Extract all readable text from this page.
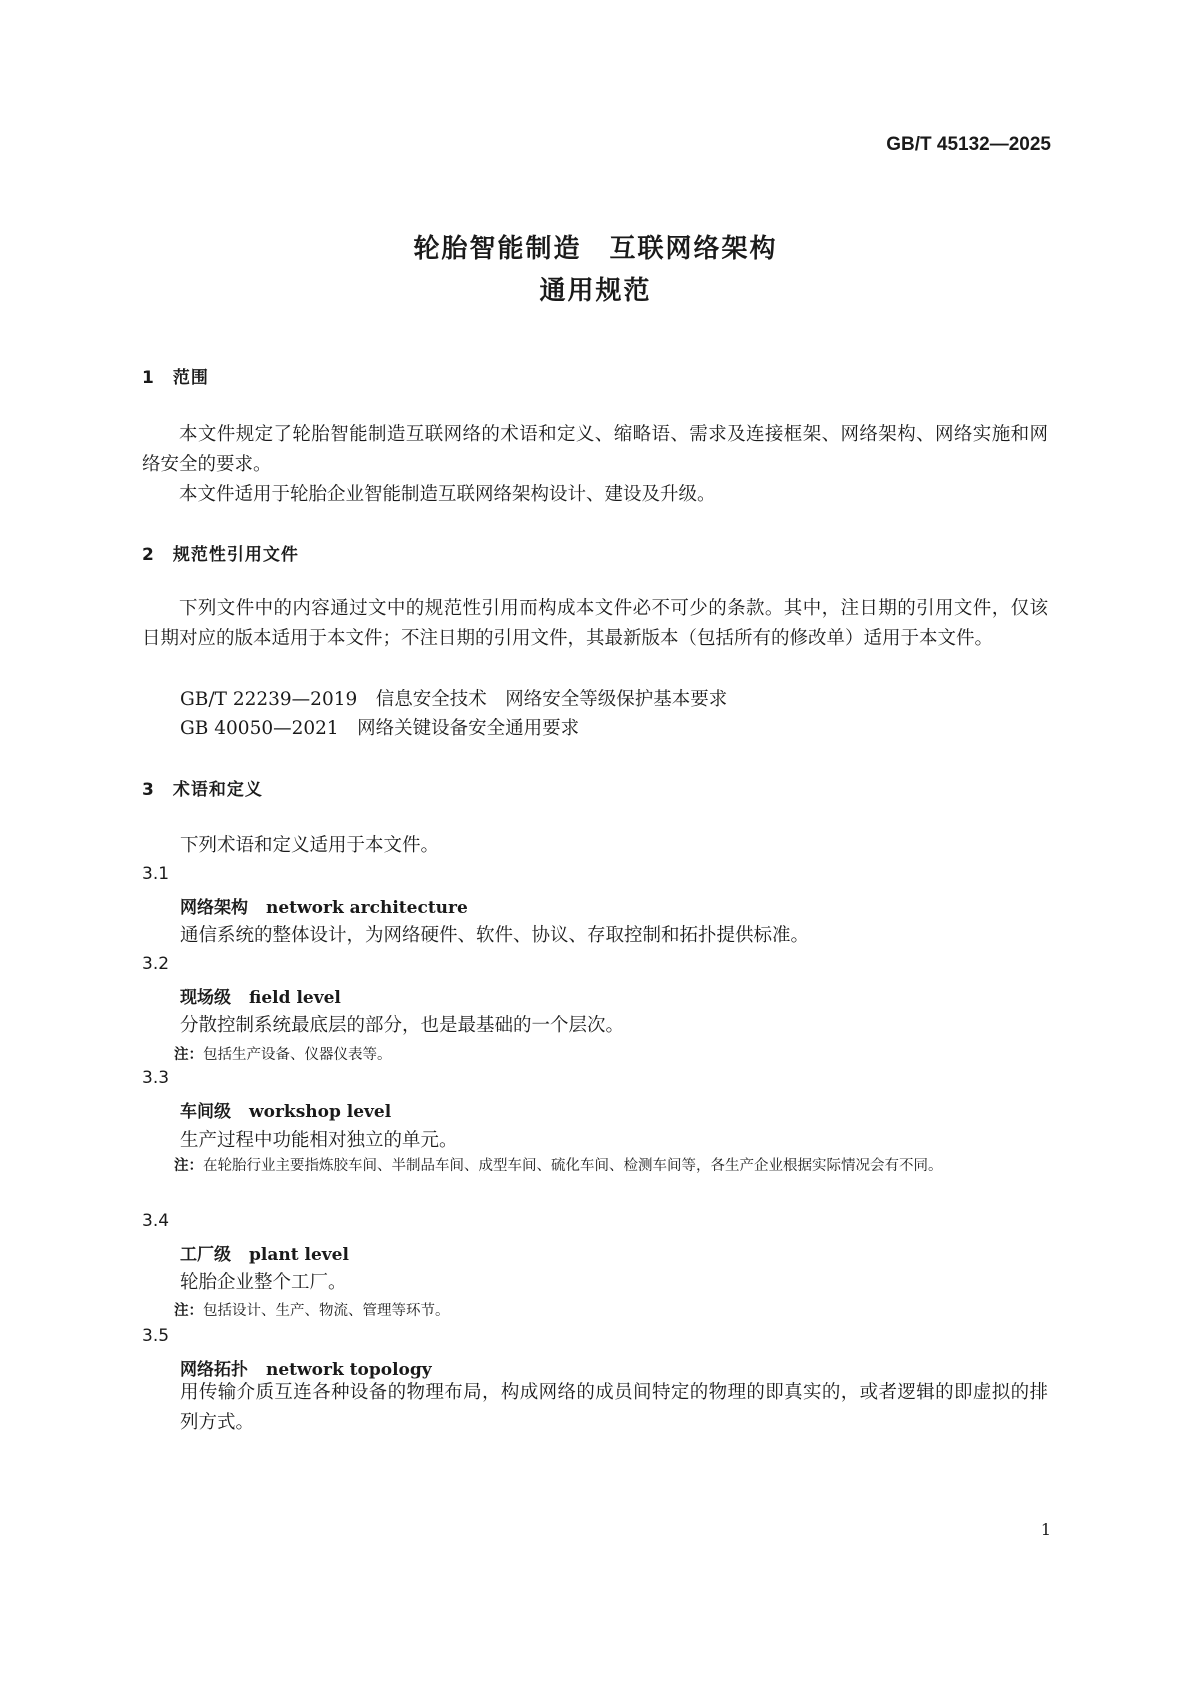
GB/T 45132—2025
轮胎智能制造　互联网络架构
通用规范
1　范围
本文件规定了轮胎智能制造互联网络的术语和定义、缩略语、需求及连接框架、网络架构、网络实施和网络安全的要求。
本文件适用于轮胎企业智能制造互联网络架构设计、建设及升级。
2　规范性引用文件
下列文件中的内容通过文中的规范性引用而构成本文件必不可少的条款。其中，注日期的引用文件，仅该日期对应的版本适用于本文件；不注日期的引用文件，其最新版本（包括所有的修改单）适用于本文件。
GB/T 22239—2019　信息安全技术　网络安全等级保护基本要求
GB 40050—2021　网络关键设备安全通用要求
3　术语和定义
下列术语和定义适用于本文件。
3.1
网络架构 network architecture
通信系统的整体设计，为网络硬件、软件、协议、存取控制和拓扑提供标准。
3.2
现场级 field level
分散控制系统最底层的部分，也是最基础的一个层次。
注：包括生产设备、仪器仪表等。
3.3
车间级 workshop level
生产过程中功能相对独立的单元。
注：在轮胎行业主要指炼胶车间、半制品车间、成型车间、硫化车间、检测车间等，各生产企业根据实际情况会有不同。
3.4
工厂级 plant level
轮胎企业整个工厂。
注：包括设计、生产、物流、管理等环节。
3.5
网络拓扑 network topology
用传输介质互连各种设备的物理布局，构成网络的成员间特定的物理的即真实的，或者逻辑的即虚拟的排列方式。
1
